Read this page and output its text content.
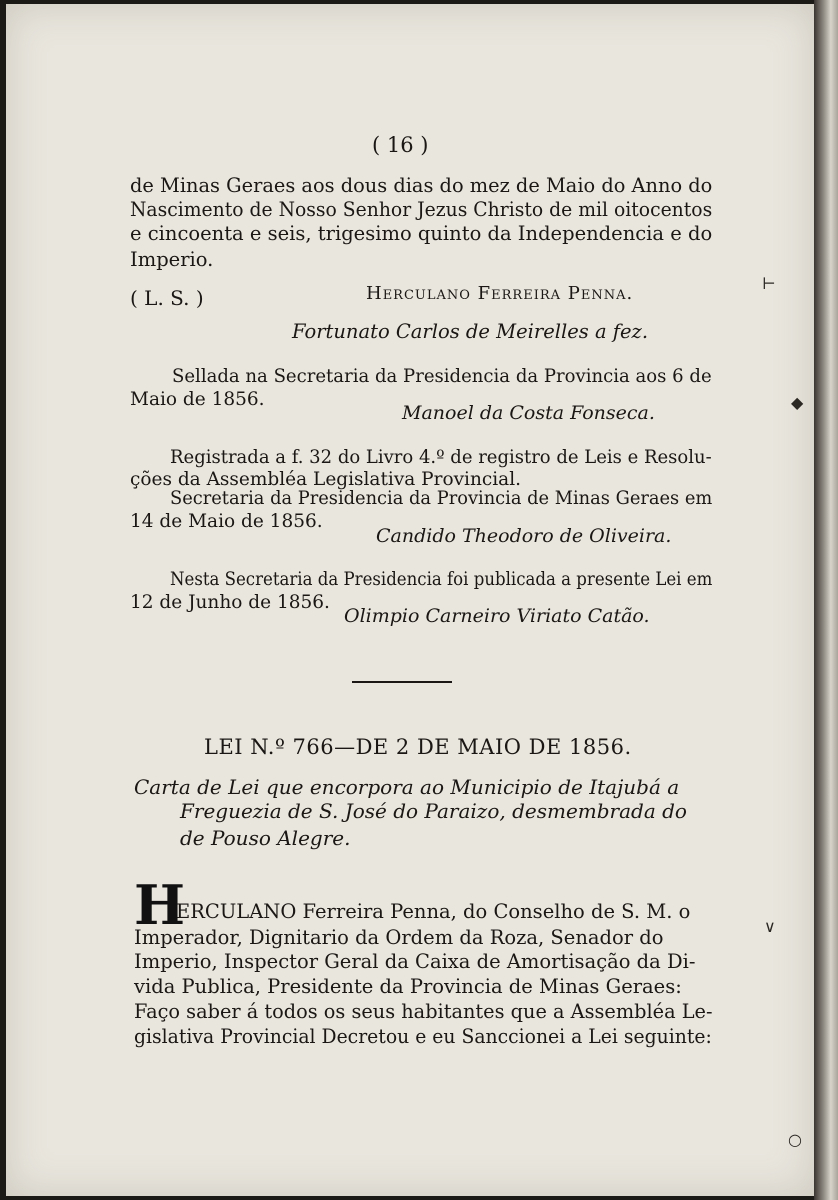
( 16 )
de Minas Geraes aos dous dias do mez de Maio do Anno do
Nascimento de Nosso Senhor Jezus Christo de mil oitocentos
e cincoenta e seis, trigesimo quinto da Independencia e do
Imperio.
( L. S. )	Herculano Ferreira Penna.
Fortunato Carlos de Meirelles a fez.
Sellada na Secretaria da Presidencia da Provincia aos 6 de
Maio de 1856.
Manoel da Costa Fonseca.
Registrada a f. 32 do Livro 4.º de registro de Leis e Resolu-
ções da Assembléa Legislativa Provincial.
Secretaria da Presidencia da Provincia de Minas Geraes em
14 de Maio de 1856.
Candido Theodoro de Oliveira.
Nesta Secretaria da Presidencia foi publicada a presente Lei em
12 de Junho de 1856.
Olimpio Carneiro Viriato Catão.
LEI N.º 766—DE 2 DE MAIO DE 1856.
Carta de Lei que encorpora ao Municipio de Itajubá a
Freguezia de S. José do Paraizo, desmembrada do
de Pouso Alegre.
H
ERCULANO Ferreira Penna, do Conselho de S. M. o
Imperador, Dignitario da Ordem da Roza, Senador do
Imperio, Inspector Geral da Caixa de Amortisação da Di-
vida Publica, Presidente da Provincia de Minas Geraes:
Faço saber á todos os seus habitantes que a Assembléa Le-
gislativa Provincial Decretou e eu Sanccionei a Lei seguinte:
⊢
◆
∨
○
